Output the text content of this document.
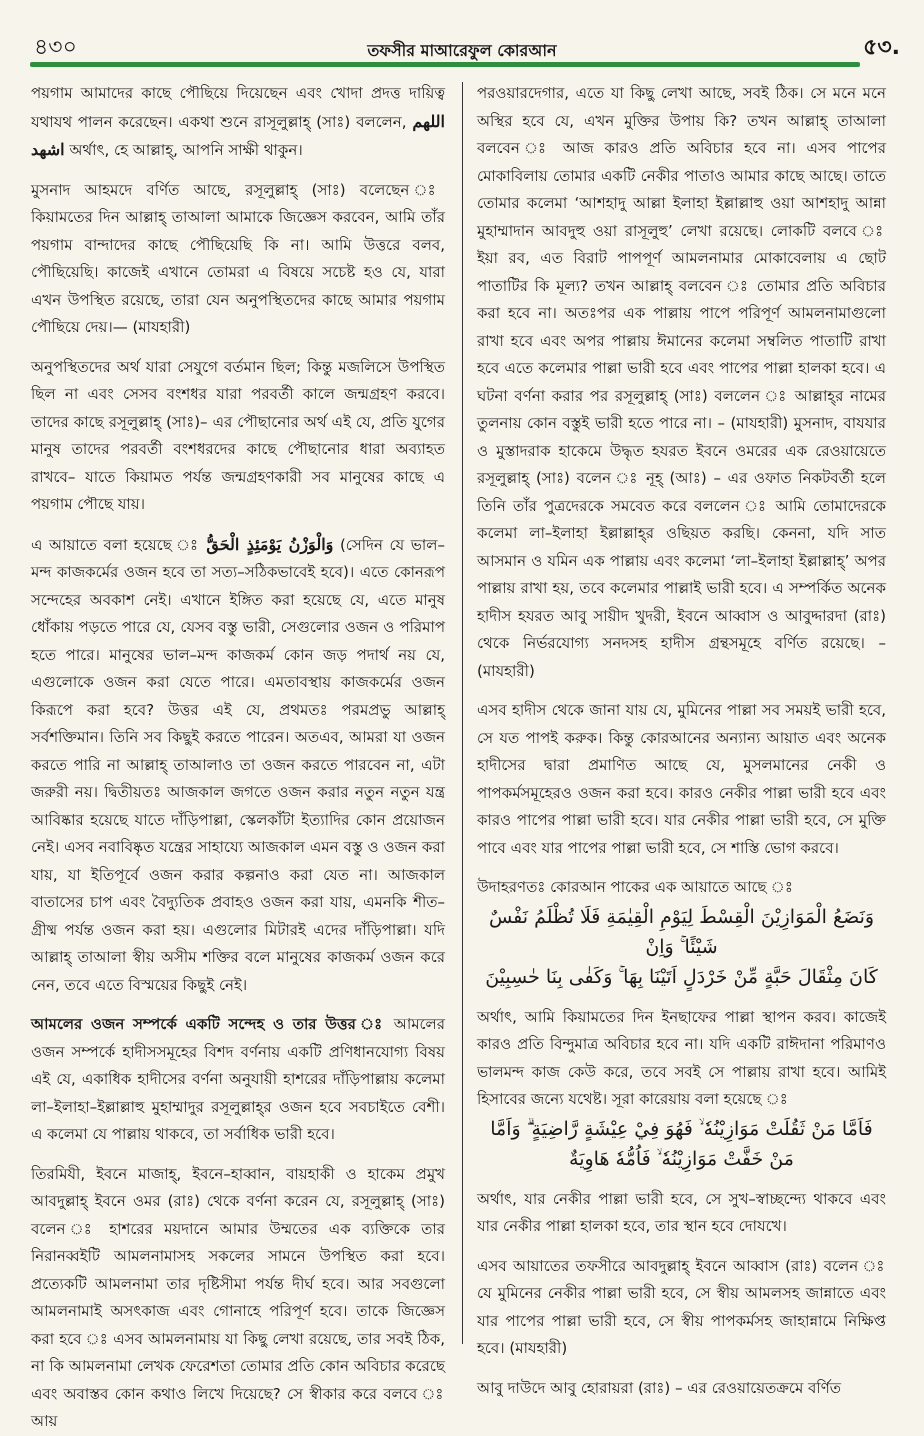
৪৩০	তফসীর মাআরেফুল কোরআন	৫৩.

পয়গাম আমাদের কাছে পৌছিয়ে দিয়েছেন এবং খোদা প্রদত্ত দায়িত্ব যথাযথ পালন করেছেন। একথা শুনে রাসূলুল্লাহ্ (সাঃ) বললেন, اللهم اشهد অর্থাৎ, হে আল্লাহ্, আপনি সাক্ষী থাকুন।

মুসনাদ আহমদে বর্ণিত আছে, রসূলুল্লাহ্ (সাঃ) বলেছেন ঃ কিয়ামতের দিন আল্লাহ্ তাআলা আমাকে জিজ্ঞেস করবেন, আমি তাঁর পয়গাম বান্দাদের কাছে পৌছিয়েছি কি না। আমি উত্তরে বলব, পৌছিয়েছি। কাজেই এখানে তোমরা এ বিষয়ে সচেষ্ট হও যে, যারা এখন উপস্থিত রয়েছে, তারা যেন অনুপস্থিতদের কাছে আমার পয়গাম পৌছিয়ে দেয়।— (মাযহারী)

অনুপস্থিতদের অর্থ যারা সেযুগে বর্তমান ছিল; কিন্তু মজলিসে উপস্থিত ছিল না এবং সেসব বংশধর যারা পরবর্তী কালে জন্মগ্রহণ করবে। তাদের কাছে রসূলুল্লাহ্ (সাঃ)– এর পৌছানোর অর্থ এই যে, প্রতি যুগের মানুষ তাদের পরবর্তী বংশধরদের কাছে পৌছানোর ধারা অব্যাহত রাখবে– যাতে কিয়ামত পর্যন্ত জন্মগ্রহণকারী সব মানুষের কাছে এ পয়গাম পৌছে যায়।

এ আয়াতে বলা হয়েছে ঃ وَالْوَزْنُ يَوْمَئِذٍ الْحَقُّ (সেদিন যে ভাল–মন্দ কাজকর্মের ওজন হবে তা সত্য–সঠিকভাবেই হবে)। এতে কোনরূপ সন্দেহের অবকাশ নেই। এখানে ইঙ্গিত করা হয়েছে যে, এতে মানুষ ধোঁকায় পড়তে পারে যে, যেসব বস্তু ভারী, সেগুলোর ওজন ও পরিমাপ হতে পারে। মানুষের ভাল–মন্দ কাজকর্ম কোন জড় পদার্থ নয় যে, এগুলোকে ওজন করা যেতে পারে। এমতাবস্থায় কাজকর্মের ওজন কিরূপে করা হবে? উত্তর এই যে, প্রথমতঃ পরমপ্রভু আল্লাহ্ সর্বশক্তিমান। তিনি সব কিছুই করতে পারেন। অতএব, আমরা যা ওজন করতে পারি না আল্লাহ্ তাআলাও তা ওজন করতে পারবেন না, এটা জরুরী নয়। দ্বিতীয়তঃ আজকাল জগতে ওজন করার নতুন নতুন যন্ত্র আবিষ্কার হয়েছে যাতে দাঁড়িপাল্লা, স্কেলকাঁটা ইত্যাদির কোন প্রয়োজন নেই। এসব নবাবিষ্কৃত যন্ত্রের সাহায্যে আজকাল এমন বস্তু ও ওজন করা যায়, যা ইতিপূর্বে ওজন করার কল্পনাও করা যেত না। আজকাল বাতাসের চাপ এবং বৈদ্যুতিক প্রবাহও ওজন করা যায়, এমনকি শীত–গ্রীষ্ম পর্যন্ত ওজন করা হয়। এগুলোর মিটারই এদের দাঁড়িপাল্লা। যদি আল্লাহ্ তাআলা স্বীয় অসীম শক্তির বলে মানুষের কাজকর্ম ওজন করে নেন, তবে এতে বিস্ময়ের কিছুই নেই।

আমলের ওজন সম্পর্কে একটি সন্দেহ ও তার উত্তর ঃ আমলের ওজন সম্পর্কে হাদীসসমূহের বিশদ বর্ণনায় একটি প্রণিধানযোগ্য বিষয় এই যে, একাধিক হাদীসের বর্ণনা অনুযায়ী হাশরের দাঁড়িপাল্লায় কলেমা লা–ইলাহা–ইল্লাল্লাহু মুহাম্মাদুর রসূলুল্লাহ্‌র ওজন হবে সবচাইতে বেশী। এ কলেমা যে পাল্লায় থাকবে, তা সর্বাধিক ভারী হবে।

তিরমিযী, ইবনে মাজাহ্, ইবনে–হাব্বান, বায়হাকী ও হাকেম প্রমুখ আবদুল্লাহ্ ইবনে ওমর (রাঃ) থেকে বর্ণনা করেন যে, রসূলুল্লাহ্ (সাঃ) বলেন ঃ হাশরের ময়দানে আমার উম্মতের এক ব্যক্তিকে তার নিরানব্বইটি আমলনামাসহ সকলের সামনে উপস্থিত করা হবে। প্রত্যেকটি আমলনামা তার দৃষ্টিসীমা পর্যন্ত দীর্ঘ হবে। আর সবগুলো আমলনামাই অসৎকাজ এবং গোনাহে পরিপূর্ণ হবে। তাকে জিজ্ঞেস করা হবে ঃ এসব আমলনামায় যা কিছু লেখা রয়েছে, তার সবই ঠিক, না কি আমলনামা লেখক ফেরেশতা তোমার প্রতি কোন অবিচার করেছে এবং অবাস্তব কোন কথাও লিখে দিয়েছে? সে স্বীকার করে বলবে ঃ আয়

পরওয়ারদেগার, এতে যা কিছু লেখা আছে, সবই ঠিক। সে মনে মনে অস্থির হবে যে, এখন মুক্তির উপায় কি? তখন আল্লাহ্ তাআলা বলবেন ঃ আজ কারও প্রতি অবিচার হবে না। এসব পাপের মোকাবিলায় তোমার একটি নেকীর পাতাও আমার কাছে আছে। তাতে তোমার কলেমা ‘আশহাদু আল্লা ইলাহা ইল্লাল্লাহু ওয়া আশহাদু আন্না মুহাম্মাদান আবদুহু ওয়া রাসূলুহু’ লেখা রয়েছে। লোকটি বলবে ঃ ইয়া রব, এত বিরাট পাপপূর্ণ আমলনামার মোকাবেলায় এ ছোট পাতাটির কি মূল্য? তখন আল্লাহ্ বলবেন ঃ তোমার প্রতি অবিচার করা হবে না। অতঃপর এক পাল্লায় পাপে পরিপূর্ণ আমলনামাগুলো রাখা হবে এবং অপর পাল্লায় ঈমানের কলেমা সম্বলিত পাতাটি রাখা হবে এতে কলেমার পাল্লা ভারী হবে এবং পাপের পাল্লা হালকা হবে। এ ঘটনা বর্ণনা করার পর রসূলুল্লাহ্ (সাঃ) বললেন ঃ আল্লাহ্‌র নামের তুলনায় কোন বস্তুই ভারী হতে পারে না। – (মাযহারী) মুসনাদ, বাযযার ও মুস্তাদরাক হাকেমে উদ্ধৃত হযরত ইবনে ওমরের এক রেওয়ায়েতে রসূলুল্লাহ্ (সাঃ) বলেন ঃ নূহ্ (আঃ) – এর ওফাত নিকটবর্তী হলে তিনি তাঁর পুত্রদেরকে সমবেত করে বললেন ঃ আমি তোমাদেরকে কলেমা লা–ইলাহা ইল্লাল্লাহ্‌র ওছিয়ত করছি। কেননা, যদি সাত আসমান ও যমিন এক পাল্লায় এবং কলেমা ‘লা–ইলাহা ইল্লাল্লাহ্’ অপর পাল্লায় রাখা হয়, তবে কলেমার পাল্লাই ভারী হবে। এ সম্পর্কিত অনেক হাদীস হযরত আবু সায়ীদ খুদরী, ইবনে আব্বাস ও আবুদ্দারদা (রাঃ) থেকে নির্ভরযোগ্য সনদসহ হাদীস গ্রন্থসমূহে বর্ণিত রয়েছে। – (মাযহারী)

এসব হাদীস থেকে জানা যায় যে, মুমিনের পাল্লা সব সময়ই ভারী হবে, সে যত পাপই করুক। কিন্তু কোরআনের অন্যান্য আয়াত এবং অনেক হাদীসের দ্বারা প্রমাণিত আছে যে, মুসলমানের নেকী ও পাপকর্মসমূহেরও ওজন করা হবে। কারও নেকীর পাল্লা ভারী হবে এবং কারও পাপের পাল্লা ভারী হবে। যার নেকীর পাল্লা ভারী হবে, সে মুক্তি পাবে এবং যার পাপের পাল্লা ভারী হবে, সে শাস্তি ভোগ করবে।

উদাহরণতঃ কোরআন পাকের এক আয়াতে আছে ঃ

وَنَضَعُ الْمَوَازِيْنَ الْقِسْطَ لِيَوْمِ الْقِيٰمَةِ فَلَا تُظْلَمُ نَفْسٌ شَيْئًا ۚ وَاِنْ
كَانَ مِثْقَالَ حَبَّةٍ مِّنْ خَرْدَلٍ اَتَيْنَا بِهَا ۚ وَكَفٰى بِنَا حٰسِبِيْنَ

অর্থাৎ, আমি কিয়ামতের দিন ইনছাফের পাল্লা স্থাপন করব। কাজেই কারও প্রতি বিন্দুমাত্র অবিচার হবে না। যদি একটি রাঈদানা পরিমাণও ভালমন্দ কাজ কেউ করে, তবে সবই সে পাল্লায় রাখা হবে। আমিই হিসাবের জন্যে যথেষ্ট। সূরা কারেয়ায় বলা হয়েছে ঃ

فَاَمَّا مَنْ ثَقُلَتْ مَوَازِيْنُهٗ ۙ فَهُوَ فِيْ عِيْشَةٍ رَّاضِيَةٍ ۗ وَاَمَّا
مَنْ خَفَّتْ مَوَازِيْنُهٗ ۙ فَاُمُّهٗ هَاوِيَةٌ

অর্থাৎ, যার নেকীর পাল্লা ভারী হবে, সে সুখ–স্বাচ্ছন্দ্যে থাকবে এবং যার নেকীর পাল্লা হালকা হবে, তার স্থান হবে দোযখে।

এসব আয়াতের তফসীরে আবদুল্লাহ্ ইবনে আব্বাস (রাঃ) বলেন ঃ যে মুমিনের নেকীর পাল্লা ভারী হবে, সে স্বীয় আমলসহ জান্নাতে এবং যার পাপের পাল্লা ভারী হবে, সে স্বীয় পাপকর্মসহ জাহান্নামে নিক্ষিপ্ত হবে। (মাযহারী)

আবু দাউদে আবু হোরায়রা (রাঃ) – এর রেওয়ায়েতক্রমে বর্ণিত
